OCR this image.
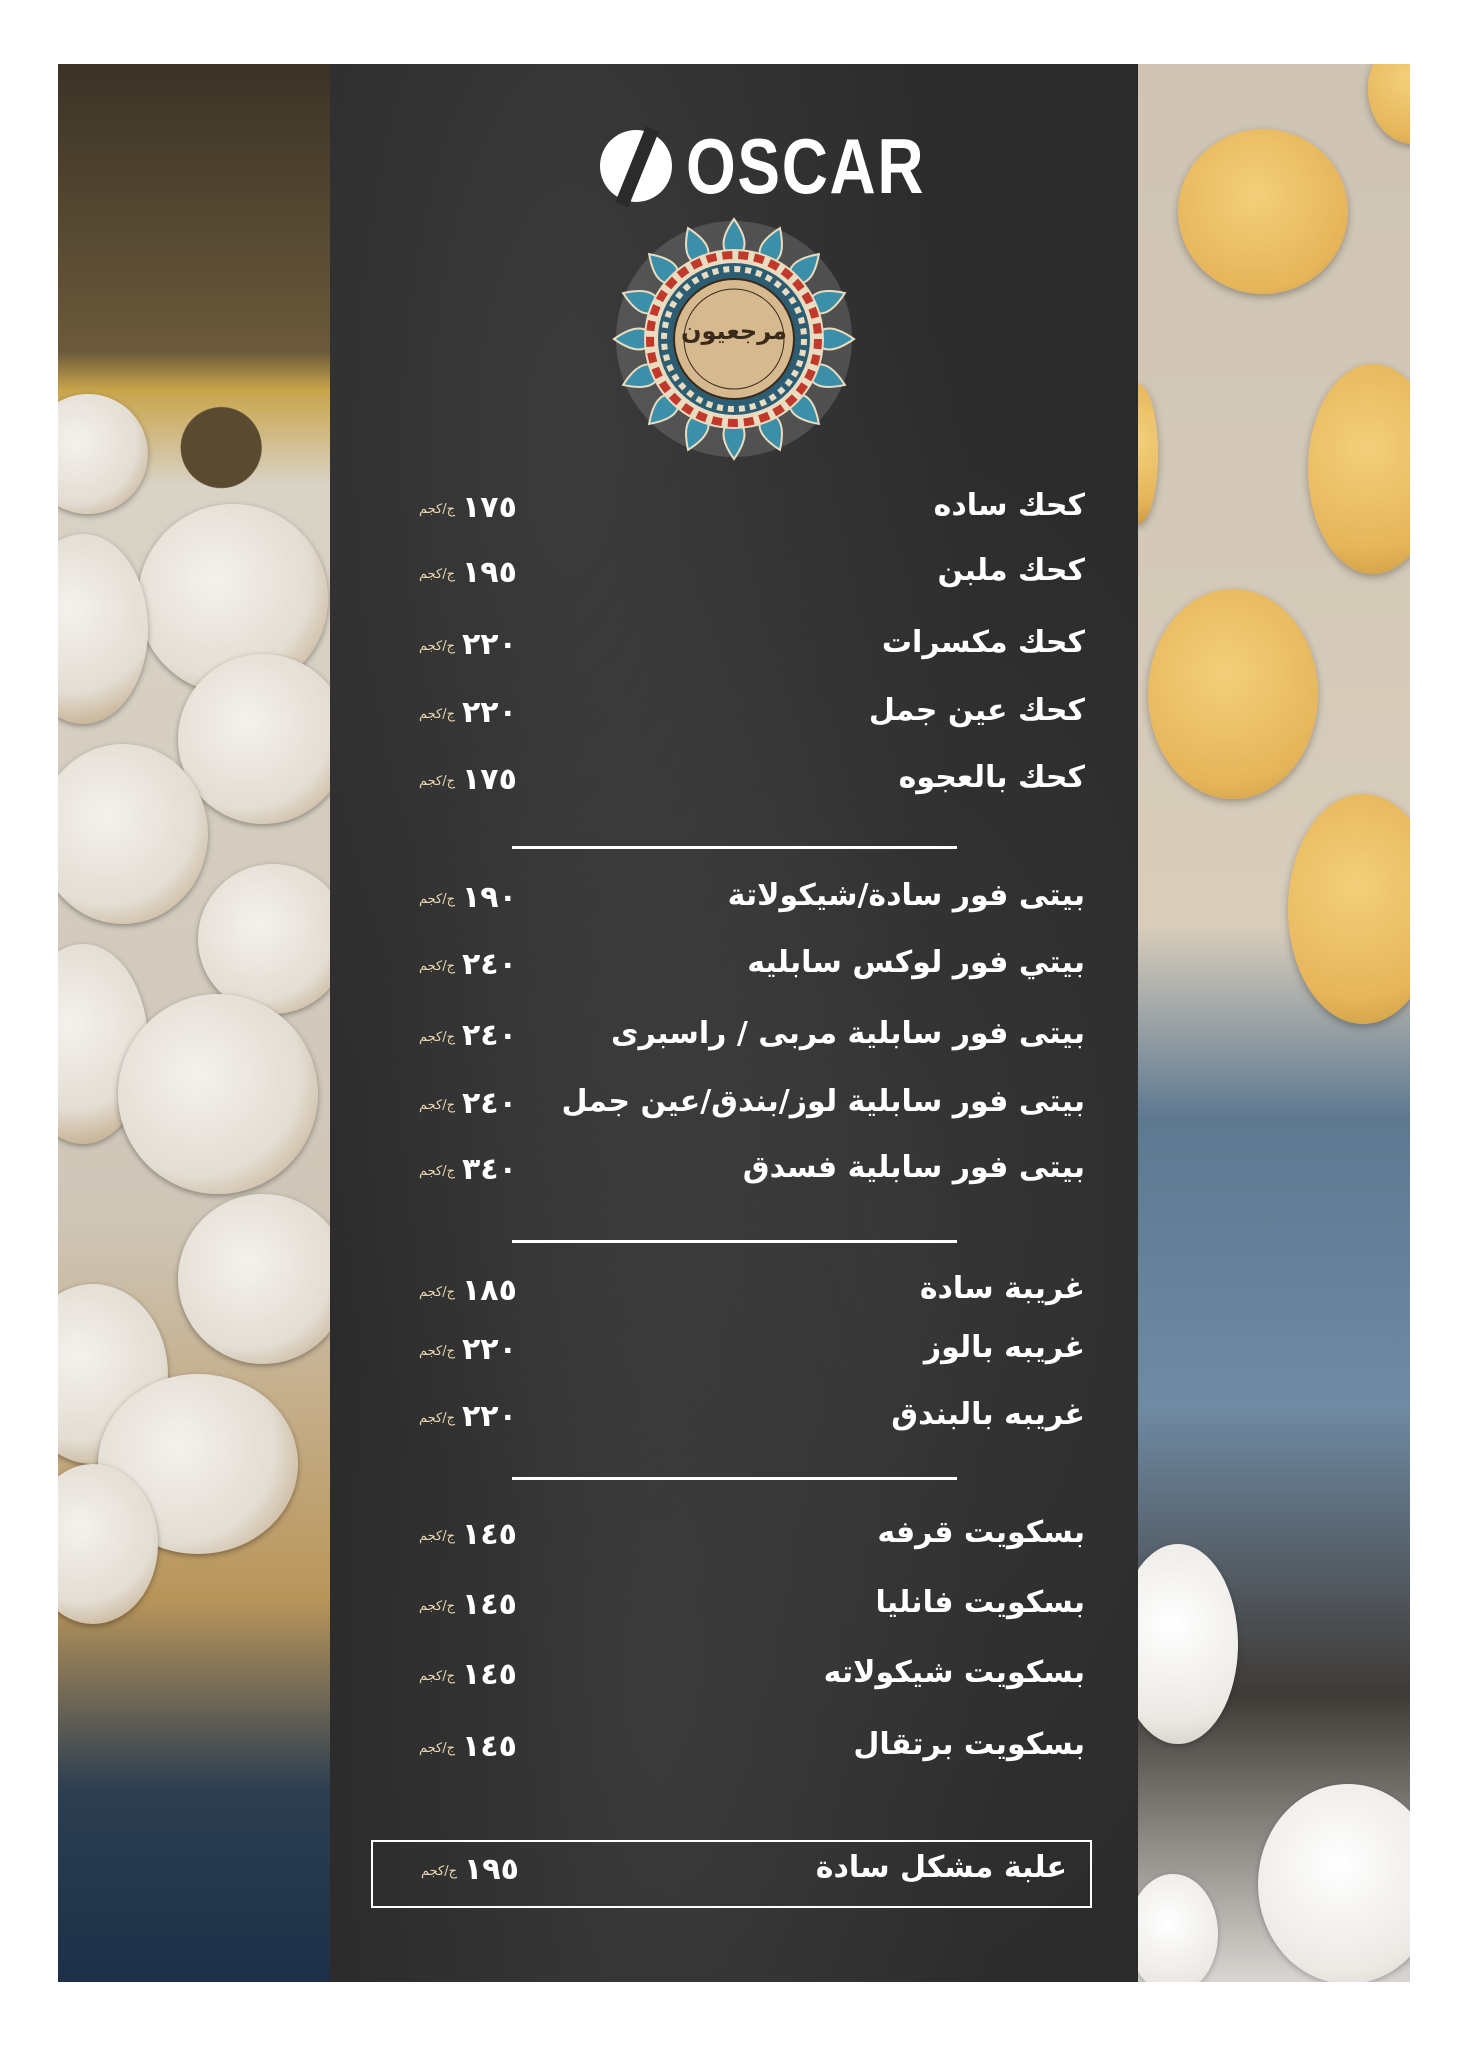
OSCAR
مرجعيون
كحك ساده
١٧٥
ج/كجم
كحك ملبن
١٩٥
ج/كجم
كحك مكسرات
٢٢٠
ج/كجم
كحك عين جمل
٢٢٠
ج/كجم
كحك بالعجوه
١٧٥
ج/كجم
بيتى فور سادة/شيكولاتة
١٩٠
ج/كجم
بيتي فور لوكس سابليه
٢٤٠
ج/كجم
بيتى فور سابلية مربى / راسبرى
٢٤٠
ج/كجم
بيتى فور سابلية لوز/بندق/عين جمل
٢٤٠
ج/كجم
بيتى فور سابلية فسدق
٣٤٠
ج/كجم
غريبة سادة
١٨٥
ج/كجم
غريبه بالوز
٢٢٠
ج/كجم
غريبه بالبندق
٢٢٠
ج/كجم
بسكويت قرفه
١٤٥
ج/كجم
بسكويت فانليا
١٤٥
ج/كجم
بسكويت شيكولاته
١٤٥
ج/كجم
بسكويت برتقال
١٤٥
ج/كجم
علبة مشكل سادة
١٩٥
ج/كجم
